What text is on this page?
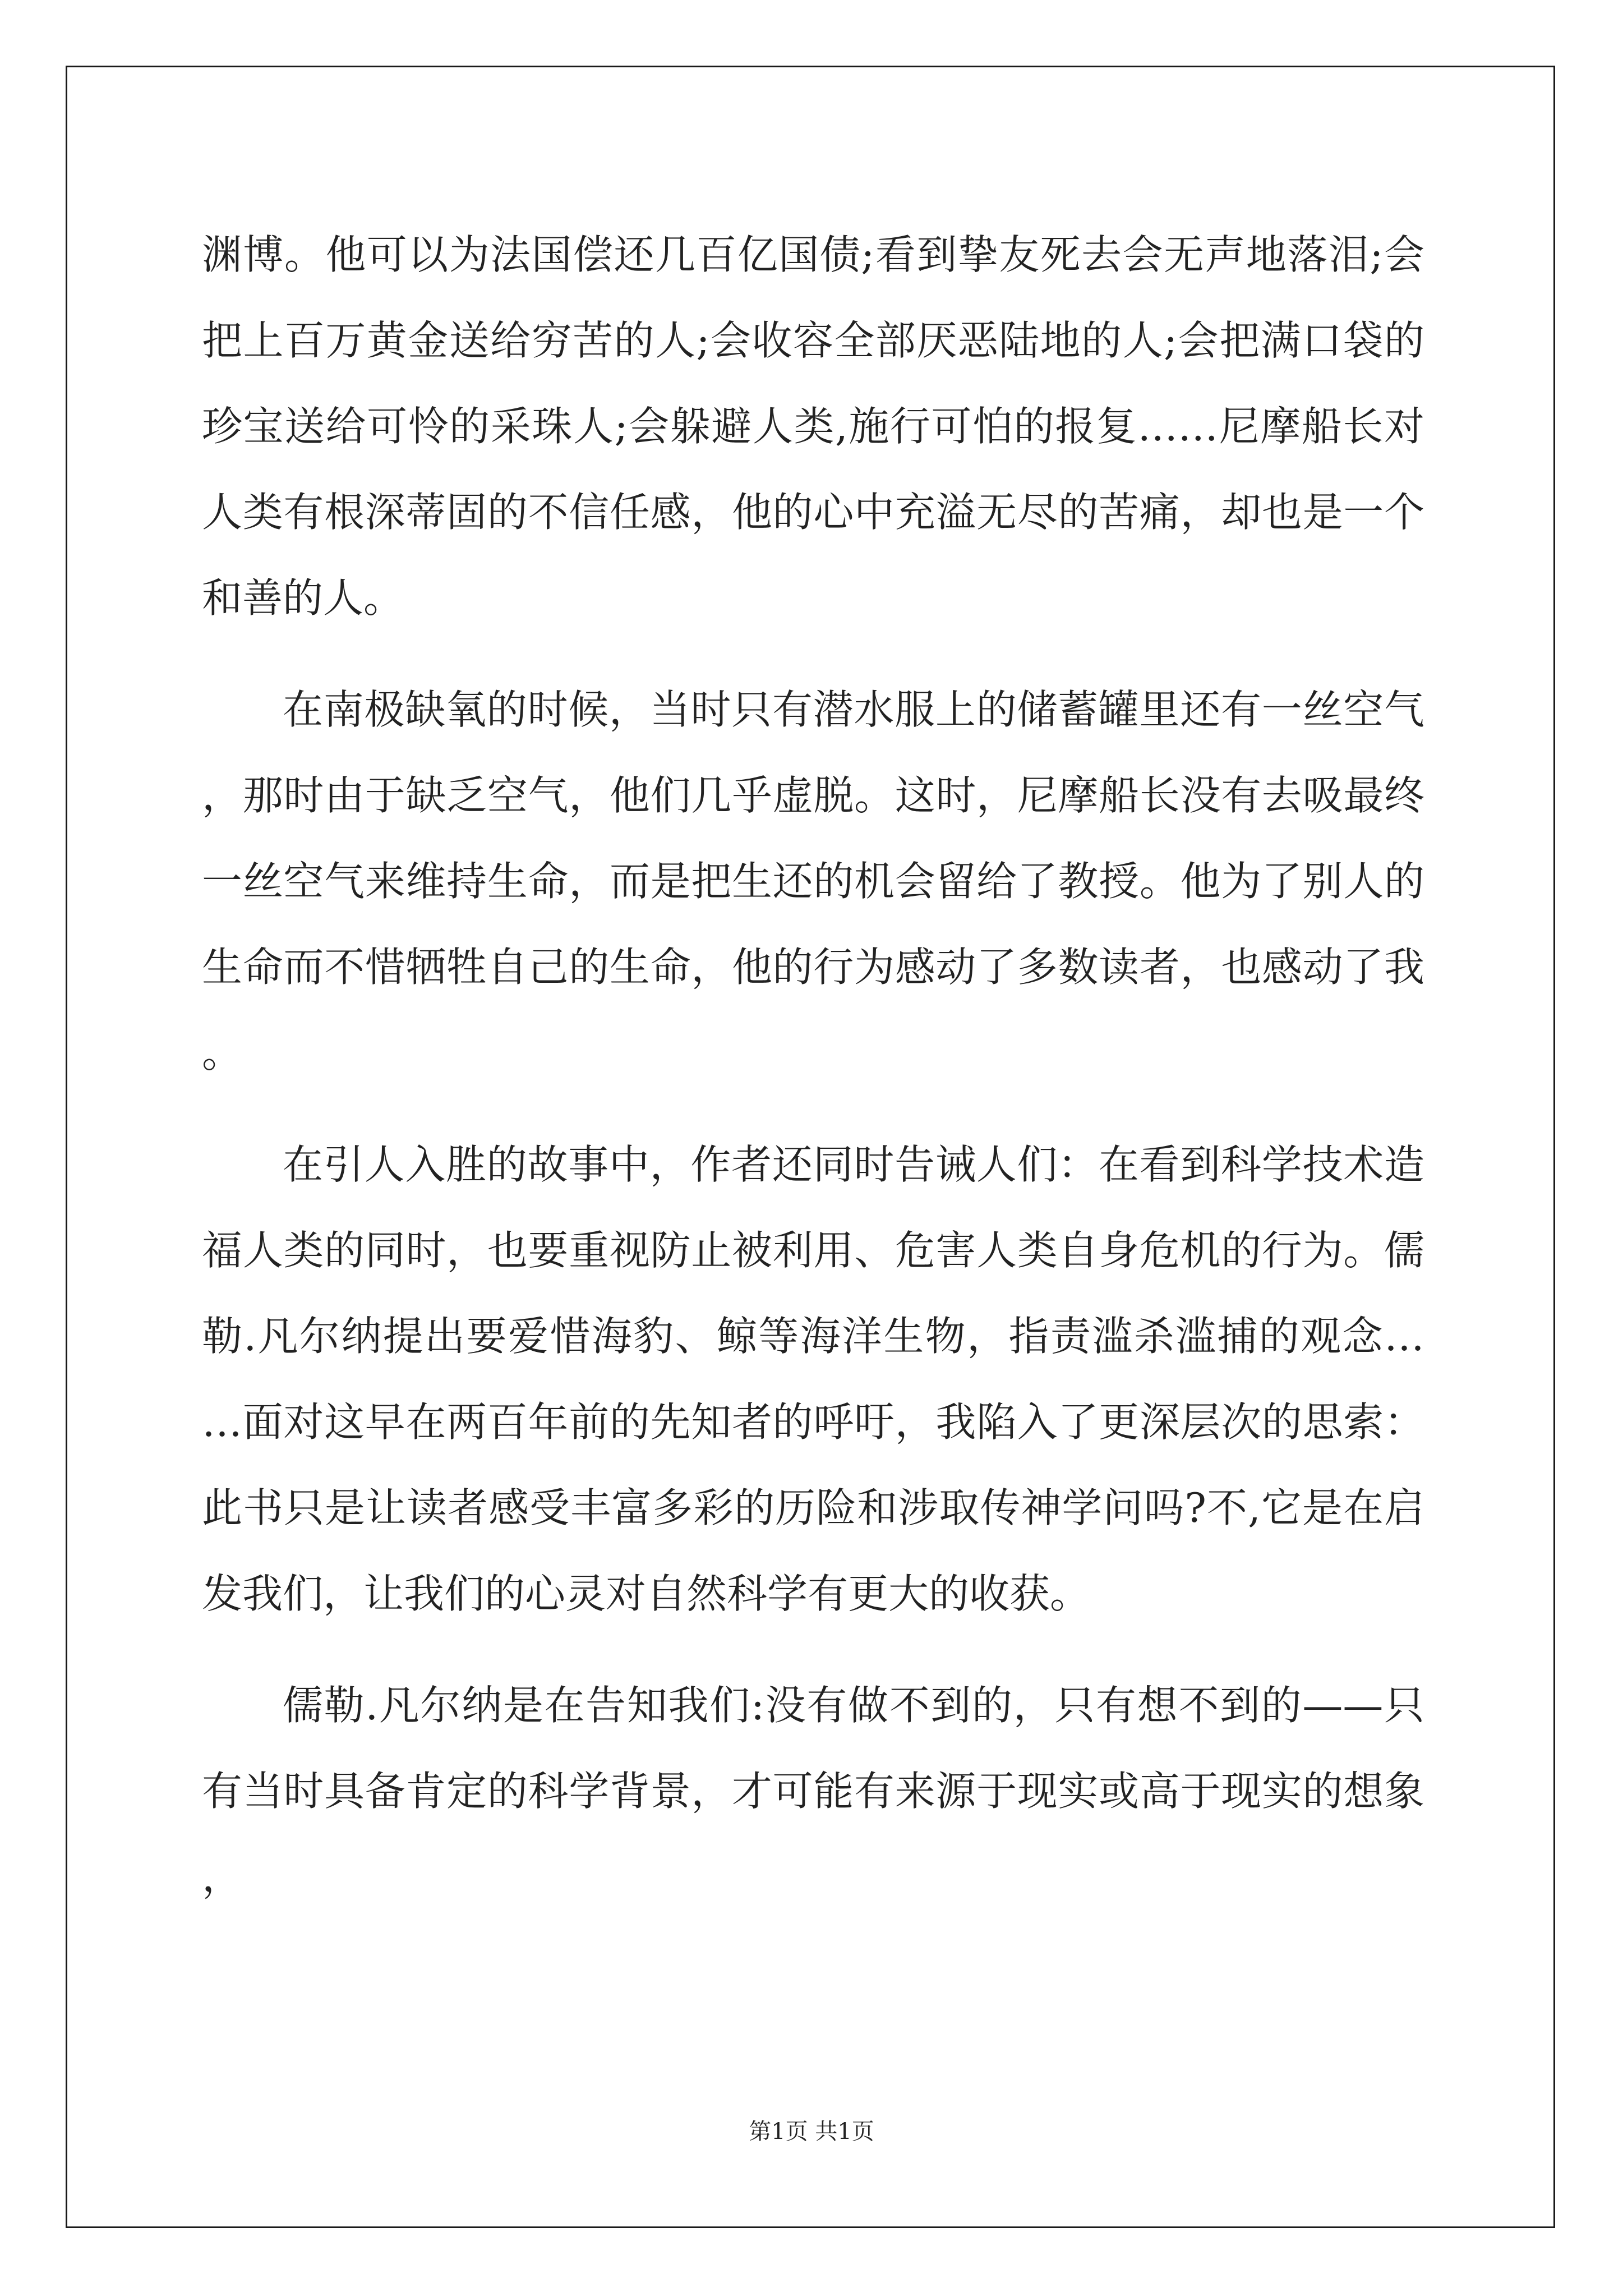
渊博。他可以为法国偿还几百亿国债;看到挚友死去会无声地落泪;会把上百万黄金送给穷苦的人;会收容全部厌恶陆地的人;会把满口袋的珍宝送给可怜的采珠人;会躲避人类,施行可怕的报复……尼摩船长对人类有根深蒂固的不信任感，他的心中充溢无尽的苦痛，却也是一个和善的人。

在南极缺氧的时候，当时只有潜水服上的储蓄罐里还有一丝空气，那时由于缺乏空气，他们几乎虚脱。这时，尼摩船长没有去吸最终一丝空气来维持生命，而是把生还的机会留给了教授。他为了别人的生命而不惜牺牲自己的生命，他的行为感动了多数读者，也感动了我。

在引人入胜的故事中，作者还同时告诫人们：在看到科学技术造福人类的同时，也要重视防止被利用、危害人类自身危机的行为。儒勒.凡尔纳提出要爱惜海豹、鲸等海洋生物，指责滥杀滥捕的观念……面对这早在两百年前的先知者的呼吁，我陷入了更深层次的思索：此书只是让读者感受丰富多彩的历险和涉取传神学问吗?不,它是在启发我们，让我们的心灵对自然科学有更大的收获。

儒勒.凡尔纳是在告知我们:没有做不到的，只有想不到的——只有当时具备肯定的科学背景，才可能有来源于现实或高于现实的想象，

第1页 共1页
